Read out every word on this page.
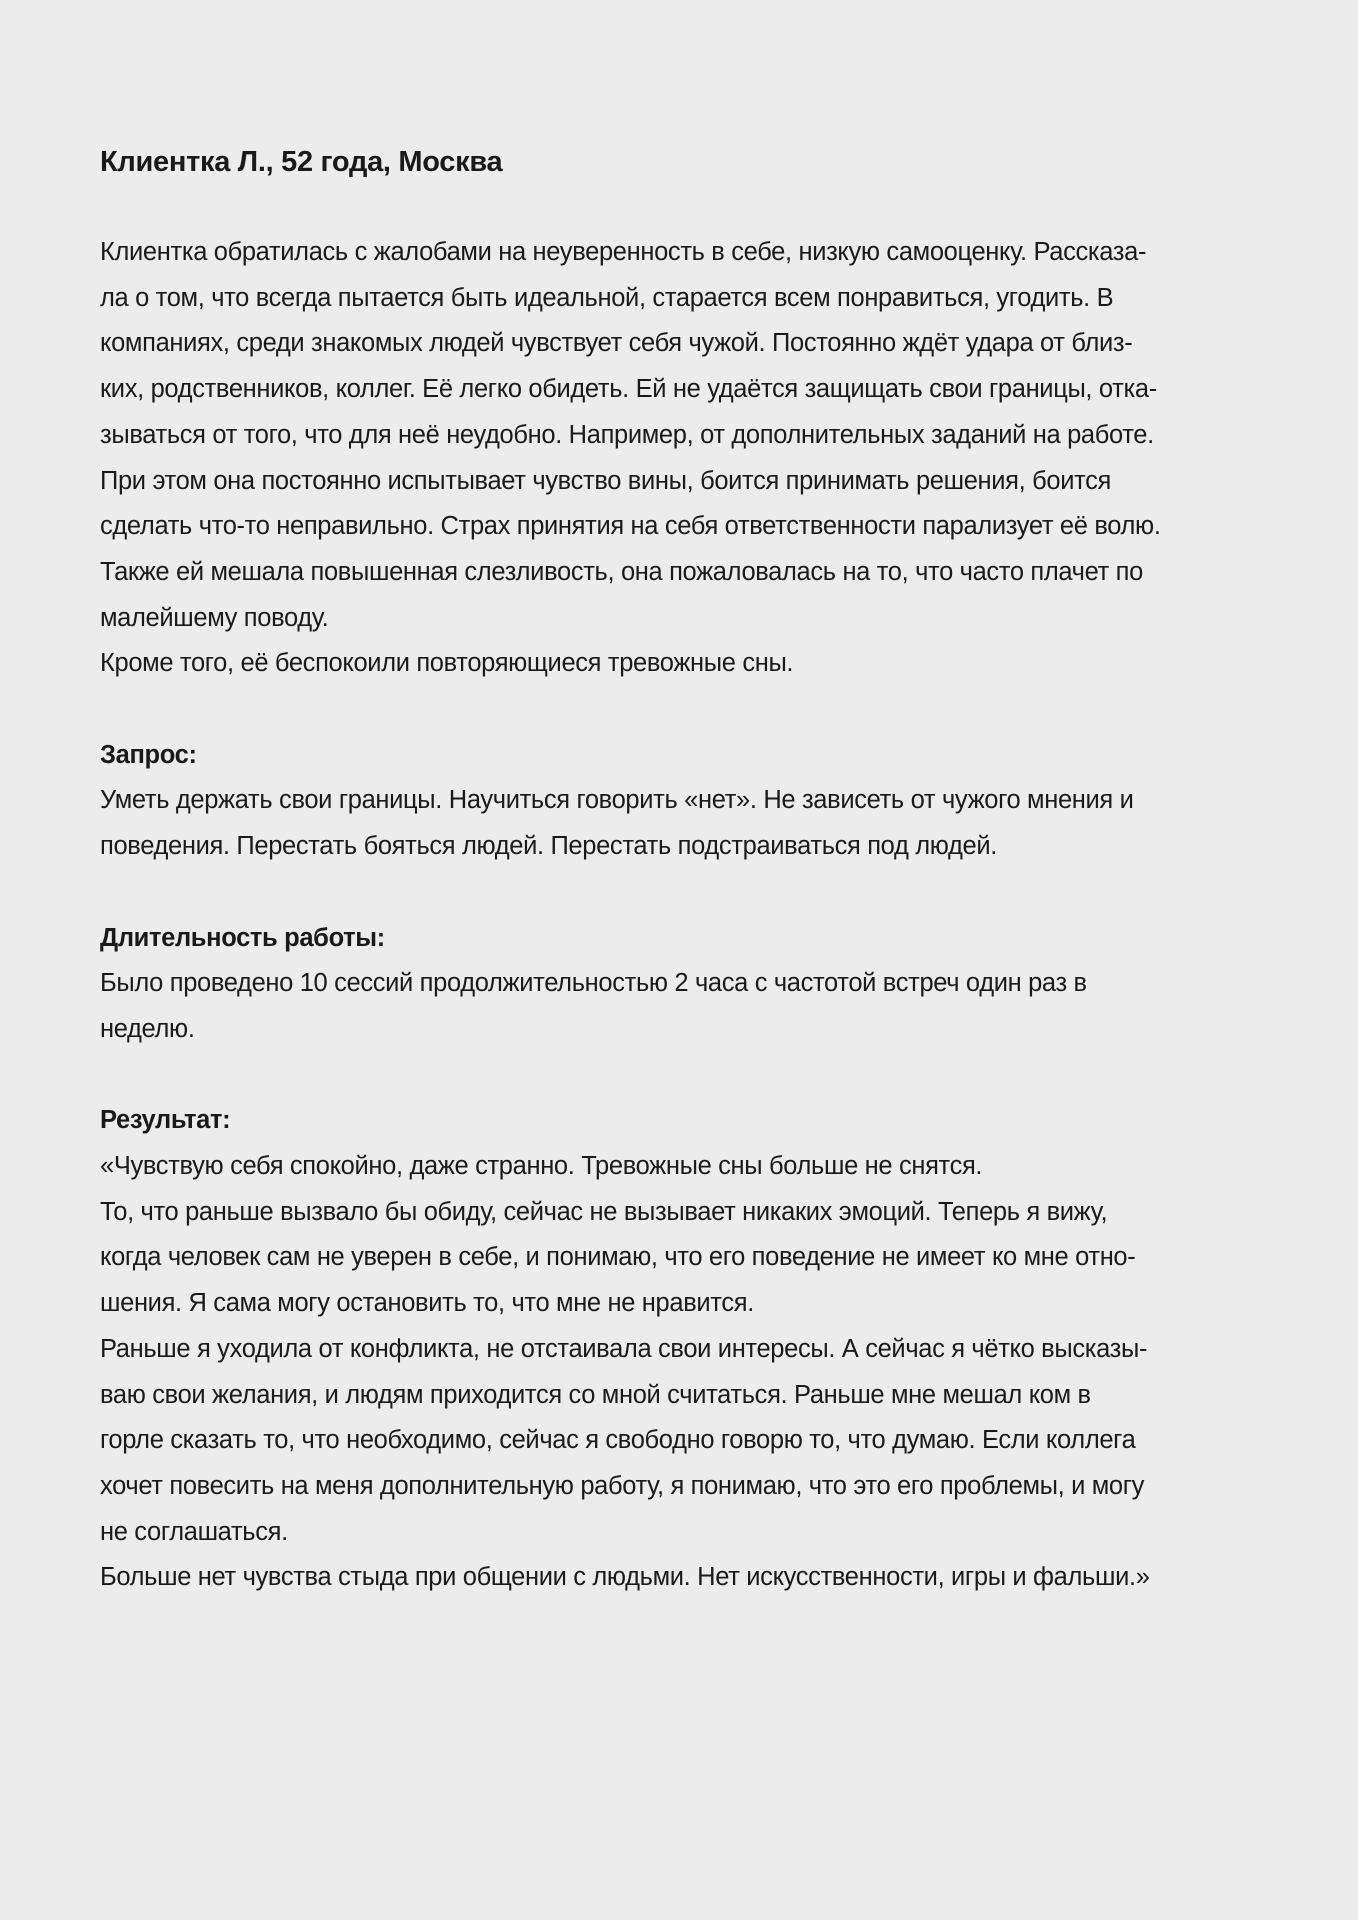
Клиентка Л., 52 года, Москва
Клиентка обратилась с жалобами на неуверенность в себе, низкую самооценку. Рассказа-
ла о том, что всегда пытается быть идеальной, старается всем понравиться, угодить. В
компаниях, среди знакомых людей чувствует себя чужой. Постоянно ждёт удара от близ-
ких, родственников, коллег. Её легко обидеть. Ей не удаётся защищать свои границы, отка-
зываться от того, что для неё неудобно. Например, от дополнительных заданий на работе.
При этом она постоянно испытывает чувство вины, боится принимать решения, боится
сделать что-то неправильно. Страх принятия на себя ответственности парализует её волю.
Также ей мешала повышенная слезливость, она пожаловалась на то, что часто плачет по
малейшему поводу.
Кроме того, её беспокоили повторяющиеся тревожные сны.
Запрос:
Уметь держать свои границы. Научиться говорить «нет». Не зависеть от чужого мнения и
поведения. Перестать бояться людей. Перестать подстраиваться под людей.
Длительность работы:
Было проведено 10 сессий продолжительностью 2 часа с частотой встреч один раз в
неделю.
Результат:
«Чувствую себя спокойно, даже странно. Тревожные сны больше не снятся.
То, что раньше вызвало бы обиду, сейчас не вызывает никаких эмоций. Теперь я вижу,
когда человек сам не уверен в себе, и понимаю, что его поведение не имеет ко мне отно-
шения. Я сама могу остановить то, что мне не нравится.
Раньше я уходила от конфликта, не отстаивала свои интересы. А сейчас я чётко высказы-
ваю свои желания, и людям приходится со мной считаться. Раньше мне мешал ком в
горле сказать то, что необходимо, сейчас я свободно говорю то, что думаю. Если коллега
хочет повесить на меня дополнительную работу, я понимаю, что это его проблемы, и могу
не соглашаться.
Больше нет чувства стыда при общении с людьми. Нет искусственности, игры и фальши.»
